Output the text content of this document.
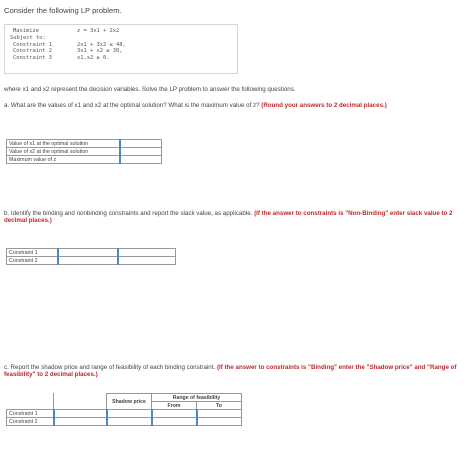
Consider the following LP problem.
Maximize
Subject to:
Constraint 1
Constraint 2
Constraint 3
z = 3x1 + 2x2

2x1 + 3x2 ≤ 48,
3x1 + x2 ≤ 30,
x1,x2 ≥ 0.
where x1 and x2 represent the decision variables. Solve the LP problem to answer the following questions.
a. What are the values of x1 and x2 at the optimal solution? What is the maximum value of z? (Round your answers to 2 decimal places.)
Value of x1 at the optimal solution	
Value of x2 at the optimal solution	
Maximum value of z	
b. Identify the binding and nonbinding constraints and report the slack value, as applicable. (If the answer to constraints is "Non-Binding" enter slack value to 2 decimal places.)
Constraint 1		
Constraint 2		
c. Report the shadow price and range of feasibility of each binding constraint. (If the answer to constraints is "Binding" enter the "Shadow price" and "Range of feasibility" to 2 decimal places.)
		Shadow price	Range of feasibility	
			From	To
Constraint 1				
Constraint 2				
